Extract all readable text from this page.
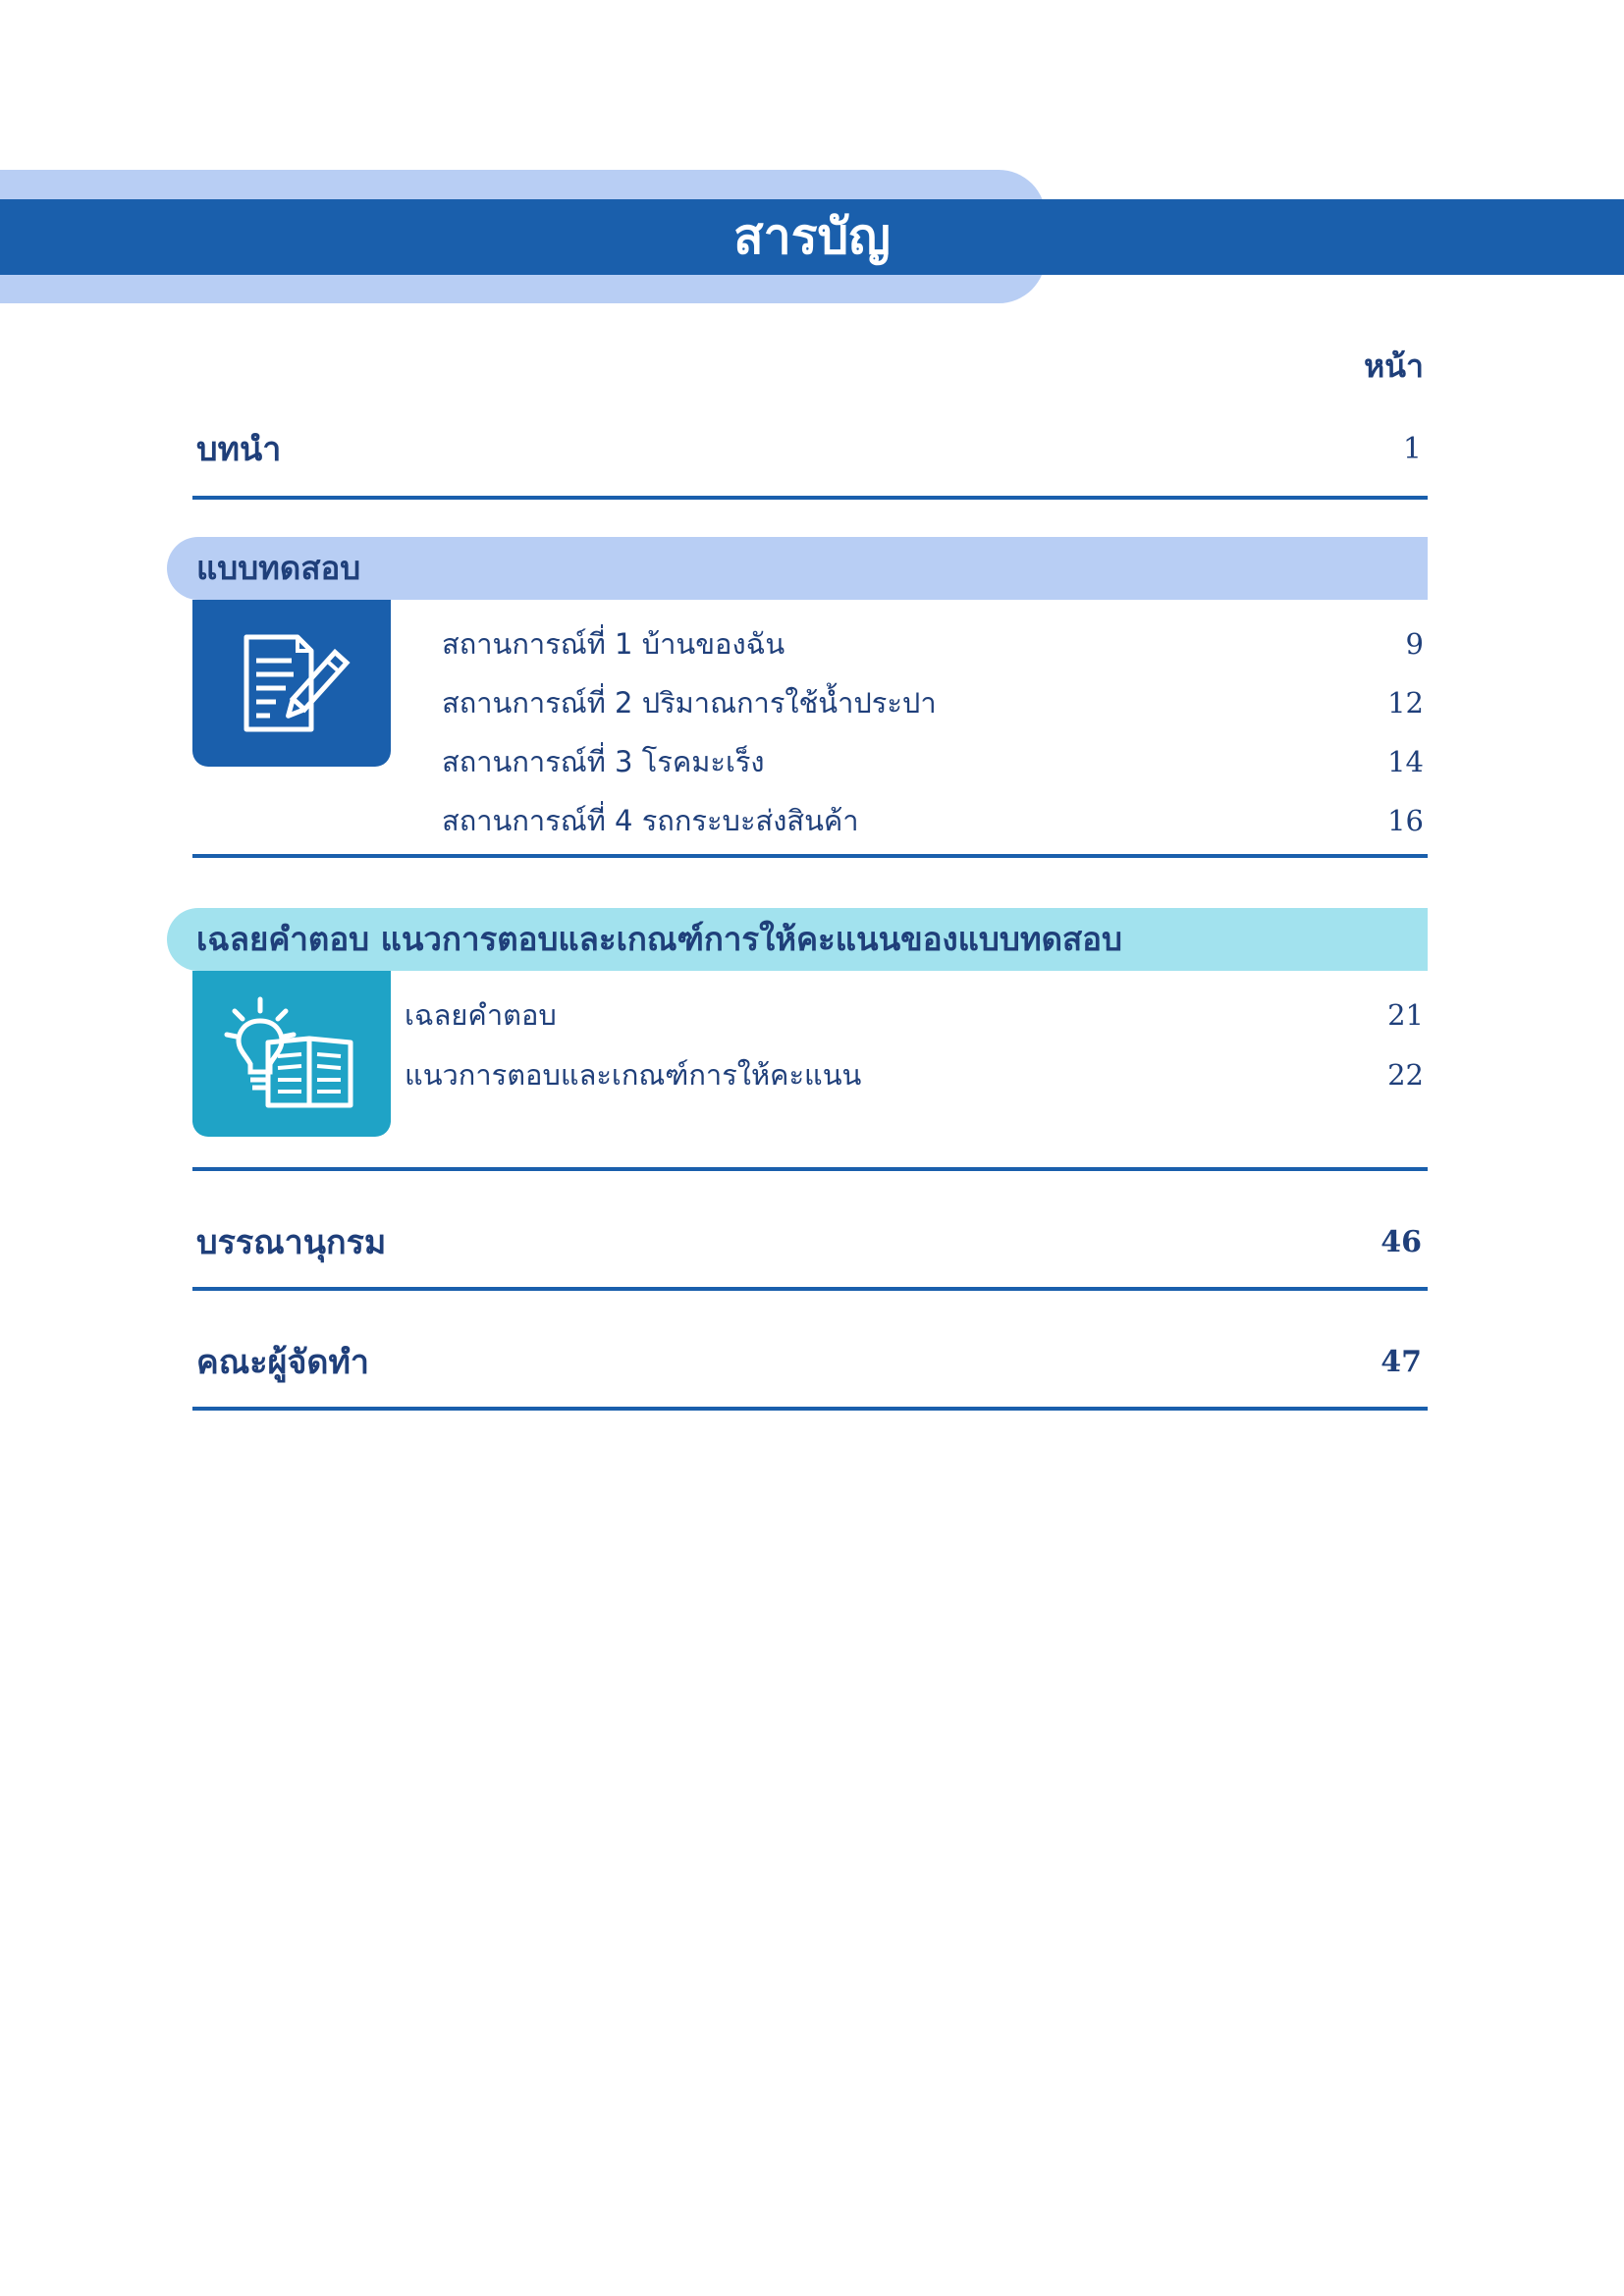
สารบัญ
หน้า
บทนำ	1
แบบทดสอบ
สถานการณ์ที่ 1 บ้านของฉัน	9
สถานการณ์ที่ 2 ปริมาณการใช้น้ำประปา	12
สถานการณ์ที่ 3 โรคมะเร็ง	14
สถานการณ์ที่ 4 รถกระบะส่งสินค้า	16
เฉลยคำตอบ แนวการตอบและเกณฑ์การให้คะแนนของแบบทดสอบ
เฉลยคำตอบ	21
แนวการตอบและเกณฑ์การให้คะแนน	22
บรรณานุกรม	46
คณะผู้จัดทำ	47
